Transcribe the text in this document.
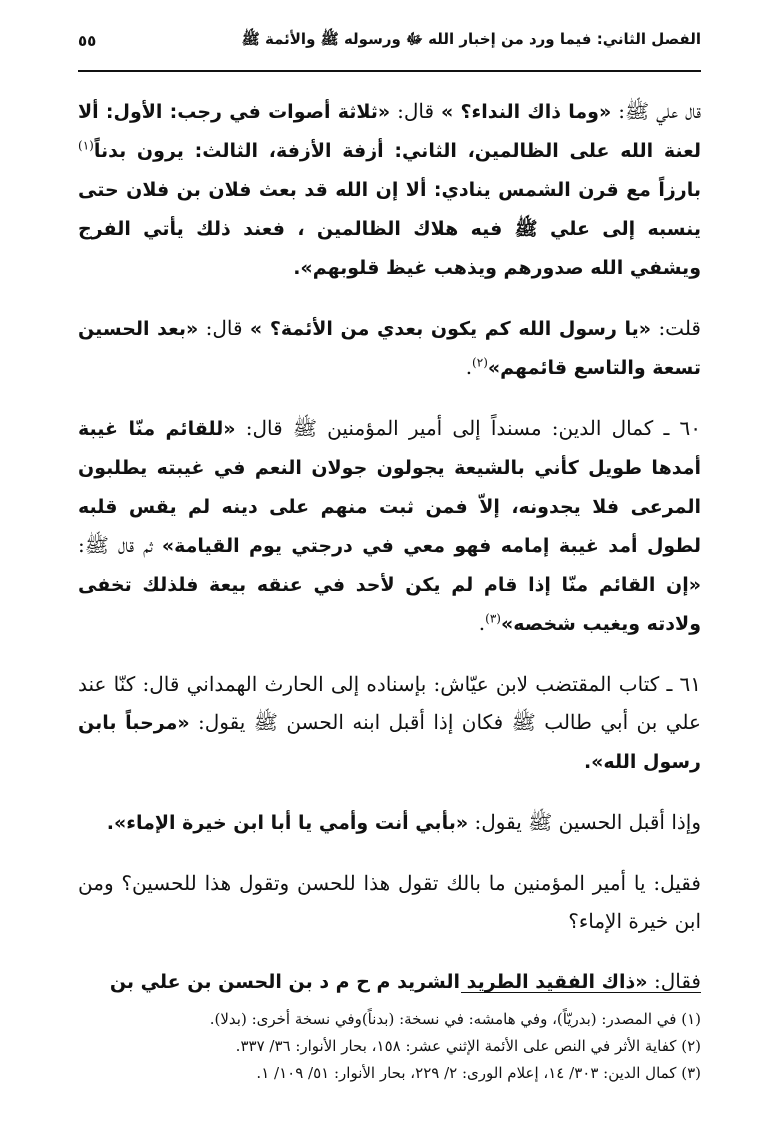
الفصل الثاني: فيما ورد من إخبار الله ﷻ ورسوله ﷺ والأئمة ﷺ
٥٥

قال علي ﷺ: «وما ذاك النداء؟ » قال: «ثلاثة أصوات في رجب: الأول: ألا لعنة الله على الظالمين، الثاني: أزفة الأزفة، الثالث: يرون بدناً$^{(١)}$ بارزاً مع قرن الشمس ينادي: ألا إن الله قد بعث فلان بن فلان حتى ينسبه إلى علي ﷺ فيه هلاك الظالمين ، فعند ذلك يأتي الفرج ويشفي الله صدورهم ويذهب غيظ قلوبهم».

قلت: «يا رسول الله كم يكون بعدي من الأئمة؟ » قال: «بعد الحسين تسعة والتاسع قائمهم»$^{(٢)}$.

٦٠ ـ كمال الدين: مسنداً إلى أمير المؤمنين ﷺ قال: «للقائم منّا غيبة أمدها طويل كأني بالشيعة يجولون جولان النعم في غيبته يطلبون المرعى فلا يجدونه، إلاّ فمن ثبت منهم على دينه لم يقس قلبه لطول أمد غيبة إمامه فهو معي في درجتي يوم القيامة» ثم قال ﷺ: «إن القائم منّا إذا قام لم يكن لأحد في عنقه بيعة فلذلك تخفى ولادته ويغيب شخصه»$^{(٣)}$.

٦١ ـ كتاب المقتضب لابن عيّاش: بإسناده إلى الحارث الهمداني قال: كنّا عند علي بن أبي طالب ﷺ فكان إذا أقبل ابنه الحسن ﷺ يقول: «مرحباً بابن رسول الله».

وإذا أقبل الحسين ﷺ يقول: «بأبي أنت وأمي يا أبا ابن خيرة الإماء».

فقيل: يا أمير المؤمنين ما بالك تقول هذا للحسن وتقول هذا للحسين؟ ومن ابن خيرة الإماء؟

فقال: «ذاك الفقيد الطريد الشريد م ح م د بن الحسن بن علي بن

(١) في المصدر: (بدريّاً)، وفي هامشه: في نسخة: (بدناً)وفي نسخة أخرى: (بدلا).

(٢) كفاية الأثر في النص على الأئمة الإثني عشر: ١٥٨، بحار الأنوار: ٣٦/ ٣٣٧.

(٣) كمال الدين: ٣٠٣/ ١٤، إعلام الورى: ٢/ ٢٢٩، بحار الأنوار: ٥١/ ١٠٩/ ١.
